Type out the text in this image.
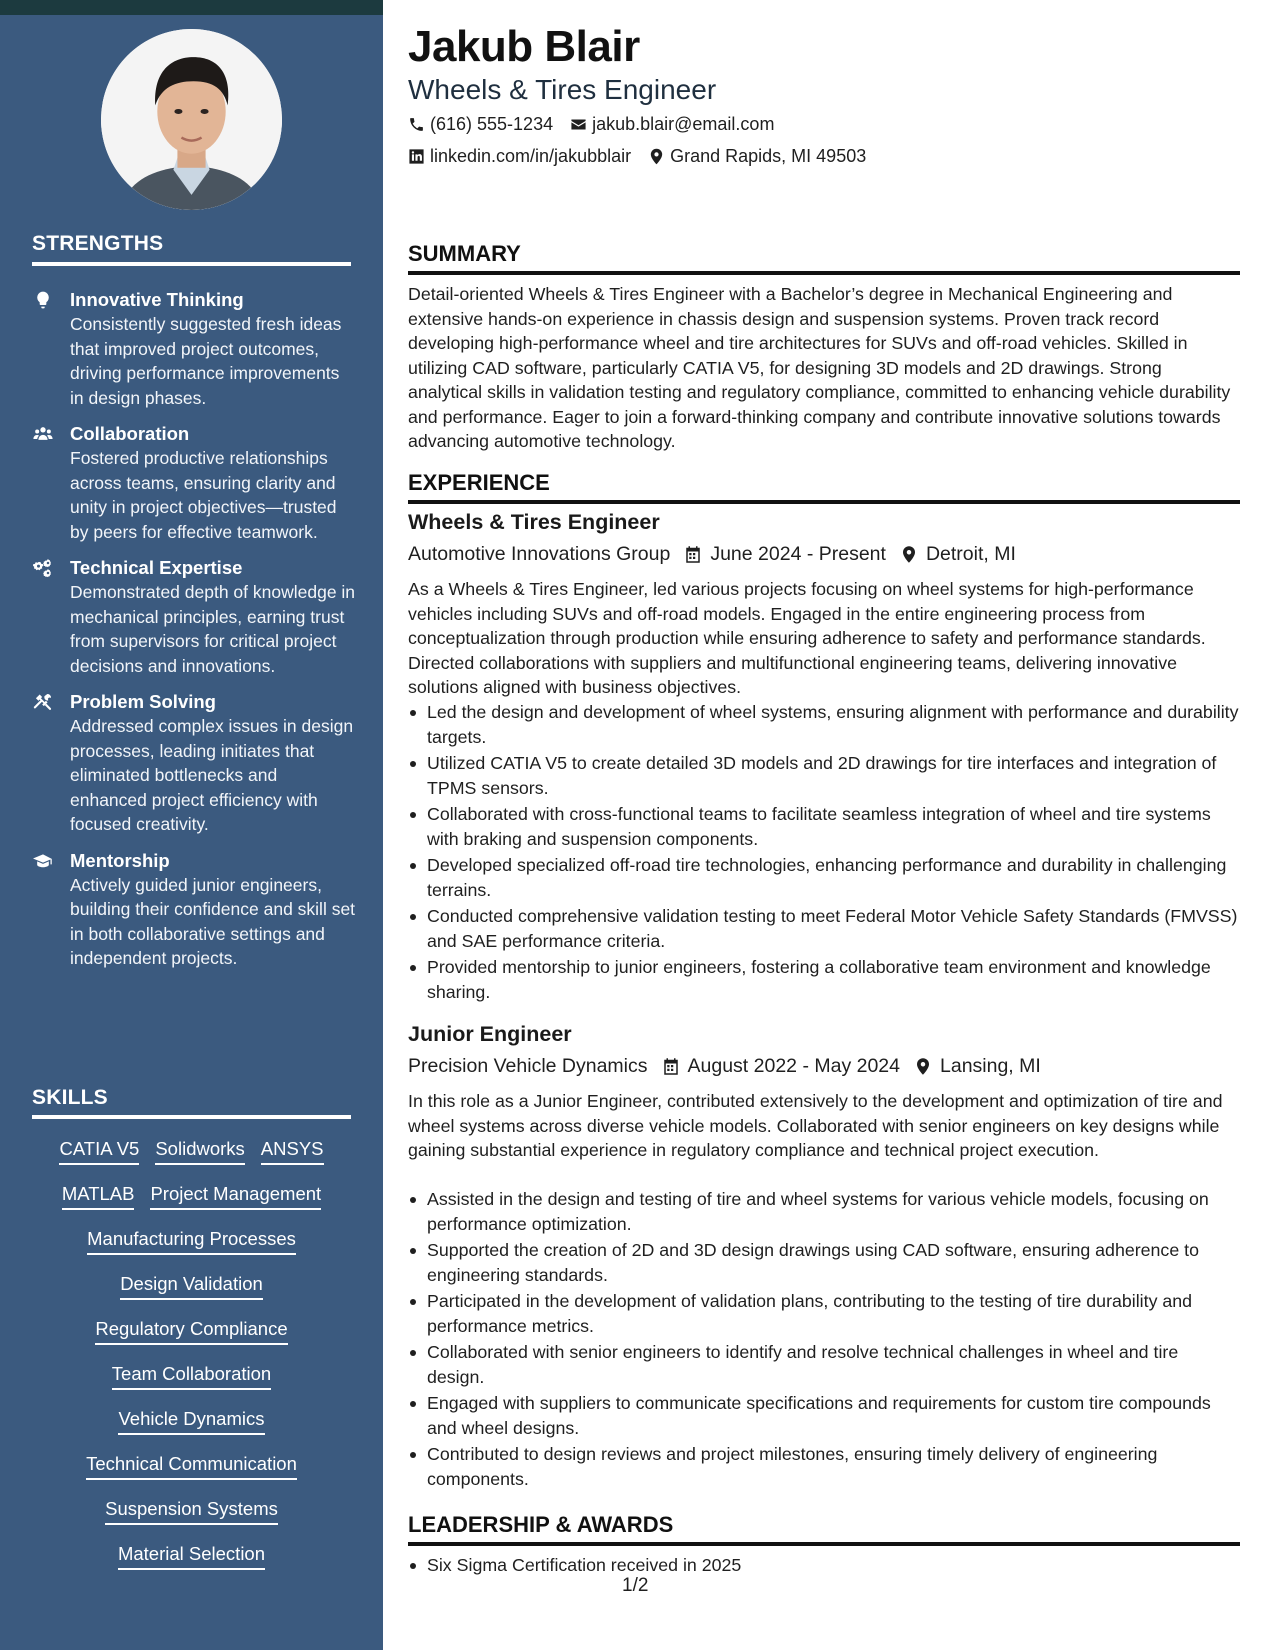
STRENGTHS
Innovative Thinking
Consistently suggested fresh ideas that improved project outcomes, driving performance improvements in design phases.
Collaboration
Fostered productive relationships across teams, ensuring clarity and unity in project objectives—trusted by peers for effective teamwork.
Technical Expertise
Demonstrated depth of knowledge in mechanical principles, earning trust from supervisors for critical project decisions and innovations.
Problem Solving
Addressed complex issues in design processes, leading initiates that eliminated bottlenecks and enhanced project efficiency with focused creativity.
Mentorship
Actively guided junior engineers, building their confidence and skill set in both collaborative settings and independent projects.
SKILLS
CATIA V5 Solidworks ANSYS
MATLAB Project Management
Manufacturing Processes
Design Validation
Regulatory Compliance
Team Collaboration
Vehicle Dynamics
Technical Communication
Suspension Systems
Material Selection
Jakub Blair
Wheels & Tires Engineer
(616) 555-1234 jakub.blair@email.com
linkedin.com/in/jakubblair Grand Rapids, MI 49503
SUMMARY
Detail-oriented Wheels & Tires Engineer with a Bachelor’s degree in Mechanical Engineering and extensive hands-on experience in chassis design and suspension systems. Proven track record developing high-performance wheel and tire architectures for SUVs and off-road vehicles. Skilled in utilizing CAD software, particularly CATIA V5, for designing 3D models and 2D drawings. Strong analytical skills in validation testing and regulatory compliance, committed to enhancing vehicle durability and performance. Eager to join a forward-thinking company and contribute innovative solutions towards advancing automotive technology.
EXPERIENCE
Wheels & Tires Engineer
Automotive Innovations Group June 2024 - Present Detroit, MI
As a Wheels & Tires Engineer, led various projects focusing on wheel systems for high-performance vehicles including SUVs and off-road models. Engaged in the entire engineering process from conceptualization through production while ensuring adherence to safety and performance standards. Directed collaborations with suppliers and multifunctional engineering teams, delivering innovative solutions aligned with business objectives.
Led the design and development of wheel systems, ensuring alignment with performance and durability targets.
Utilized CATIA V5 to create detailed 3D models and 2D drawings for tire interfaces and integration of TPMS sensors.
Collaborated with cross-functional teams to facilitate seamless integration of wheel and tire systems with braking and suspension components.
Developed specialized off-road tire technologies, enhancing performance and durability in challenging terrains.
Conducted comprehensive validation testing to meet Federal Motor Vehicle Safety Standards (FMVSS) and SAE performance criteria.
Provided mentorship to junior engineers, fostering a collaborative team environment and knowledge sharing.
Junior Engineer
Precision Vehicle Dynamics August 2022 - May 2024 Lansing, MI
In this role as a Junior Engineer, contributed extensively to the development and optimization of tire and wheel systems across diverse vehicle models. Collaborated with senior engineers on key designs while gaining substantial experience in regulatory compliance and technical project execution.
Assisted in the design and testing of tire and wheel systems for various vehicle models, focusing on performance optimization.
Supported the creation of 2D and 3D design drawings using CAD software, ensuring adherence to engineering standards.
Participated in the development of validation plans, contributing to the testing of tire durability and performance metrics.
Collaborated with senior engineers to identify and resolve technical challenges in wheel and tire design.
Engaged with suppliers to communicate specifications and requirements for custom tire compounds and wheel designs.
Contributed to design reviews and project milestones, ensuring timely delivery of engineering components.
LEADERSHIP & AWARDS
Six Sigma Certification received in 2025
1/2
